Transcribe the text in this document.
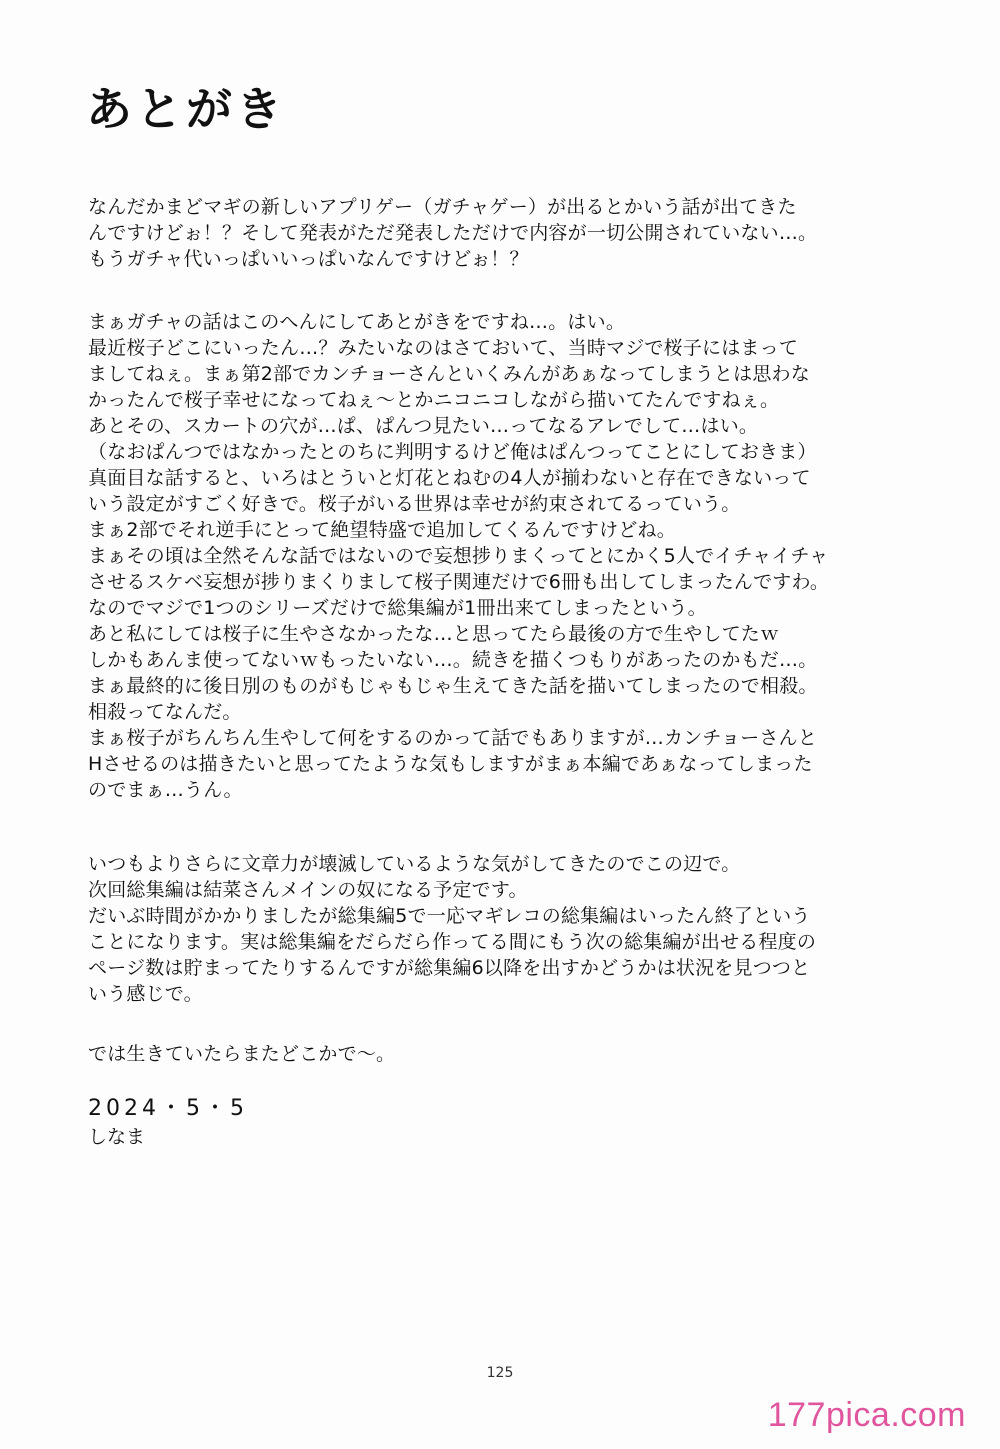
あとがき
なんだかまどマギの新しいアプリゲー（ガチャゲー）が出るとかいう話が出てきた
んですけどぉ！？そして発表がただ発表しただけで内容が一切公開されていない…。
もうガチャ代いっぱいいっぱいなんですけどぉ！？
まぁガチャの話はこのへんにしてあとがきをですね…。はい。
最近桜子どこにいったん…？みたいなのはさておいて、当時マジで桜子にはまって
ましてねぇ。まぁ第2部でカンチョーさんといくみんがあぁなってしまうとは思わな
かったんで桜子幸せになってねぇ～とかニコニコしながら描いてたんですねぇ。
あとその、スカートの穴が…ぱ、ぱんつ見たい…ってなるアレでして…はい。
（なおぱんつではなかったとのちに判明するけど俺はぱんつってことにしておきま）
真面目な話すると、いろはとういと灯花とねむの4人が揃わないと存在できないって
いう設定がすごく好きで。桜子がいる世界は幸せが約束されてるっていう。
まぁ2部でそれ逆手にとって絶望特盛で追加してくるんですけどね。
まぁその頃は全然そんな話ではないので妄想捗りまくってとにかく5人でイチャイチャ
させるスケベ妄想が捗りまくりまして桜子関連だけで6冊も出してしまったんですわ。
なのでマジで1つのシリーズだけで総集編が1冊出来てしまったという。
あと私にしては桜子に生やさなかったな…と思ってたら最後の方で生やしてたｗ
しかもあんま使ってないｗもったいない…。続きを描くつもりがあったのかもだ…。
まぁ最終的に後日別のものがもじゃもじゃ生えてきた話を描いてしまったので相殺。
相殺ってなんだ。
まぁ桜子がちんちん生やして何をするのかって話でもありますが…カンチョーさんと
Hさせるのは描きたいと思ってたような気もしますがまぁ本編であぁなってしまった
のでまぁ…うん。
いつもよりさらに文章力が壊滅しているような気がしてきたのでこの辺で。
次回総集編は結菜さんメインの奴になる予定です。
だいぶ時間がかかりましたが総集編5で一応マギレコの総集編はいったん終了という
ことになります。実は総集編をだらだら作ってる間にもう次の総集編が出せる程度の
ページ数は貯まってたりするんですが総集編6以降を出すかどうかは状況を見つつと
いう感じで。
では生きていたらまたどこかで～。
2024・5・5
しなま
125
177pica.com
